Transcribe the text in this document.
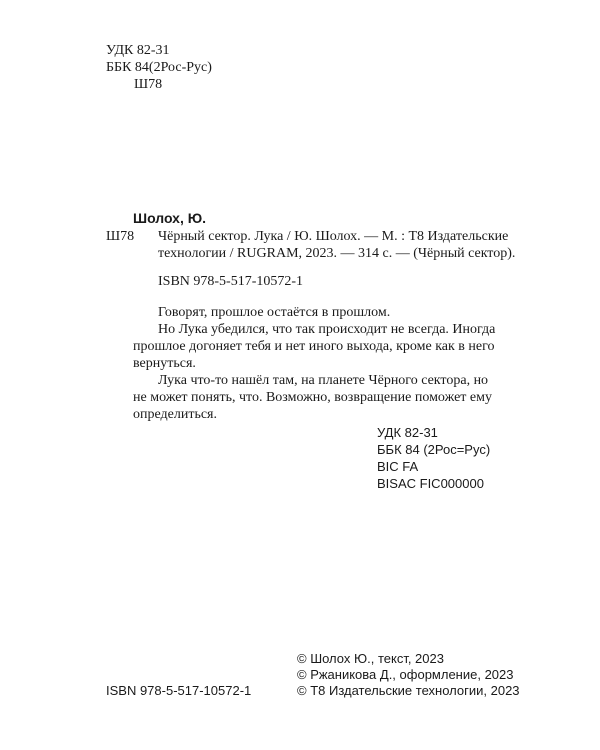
УДК 82-31
ББК 84(2Рос-Рус)
Ш78
Шолох, Ю.
Ш78 Чёрный сектор. Лука / Ю. Шолох. — М. : Т8 Издательские
технологии / RUGRAM, 2023. — 314 с. — (Чёрный сектор).
ISBN 978-5-517-10572-1
Говорят, прошлое остаётся в прошлом.
Но Лука убедился, что так происходит не всегда. Иногда
прошлое догоняет тебя и нет иного выхода, кроме как в него
вернуться.
Лука что-то нашёл там, на планете Чёрного сектора, но
не может понять, что. Возможно, возвращение поможет ему
определиться.
УДК 82-31
ББК 84 (2Рос=Рус)
BIC FA
BISAC FIC000000
ISBN 978-5-517-10572-1
© Шолох Ю., текст, 2023
© Ржаникова Д., оформление, 2023
© Т8 Издательские технологии, 2023
